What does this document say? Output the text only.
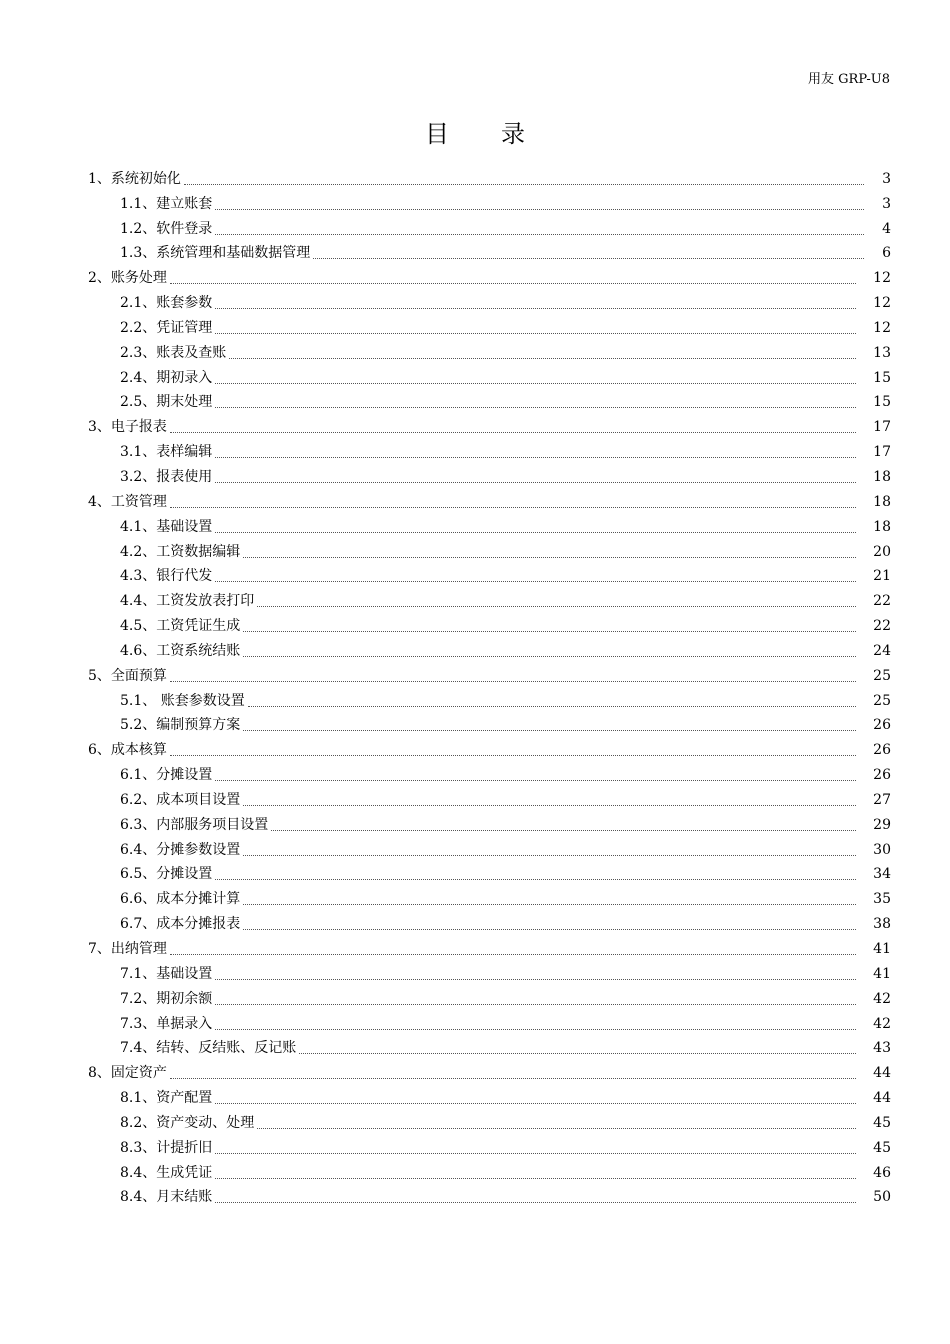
用友 GRP-U8
目 录
1、系统初始化	3
1.1、建立账套	3
1.2、软件登录	4
1.3、系统管理和基础数据管理	6
2、账务处理	12
2.1、账套参数	12
2.2、凭证管理	12
2.3、账表及查账	13
2.4、期初录入	15
2.5、期末处理	15
3、电子报表	17
3.1、表样编辑	17
3.2、报表使用	18
4、工资管理	18
4.1、基础设置	18
4.2、工资数据编辑	20
4.3、银行代发	21
4.4、工资发放表打印	22
4.5、工资凭证生成	22
4.6、工资系统结账	24
5、全面预算	25
5.1、 账套参数设置	25
5.2、编制预算方案	26
6、成本核算	26
6.1、分摊设置	26
6.2、成本项目设置	27
6.3、内部服务项目设置	29
6.4、分摊参数设置	30
6.5、分摊设置	34
6.6、成本分摊计算	35
6.7、成本分摊报表	38
7、出纳管理	41
7.1、基础设置	41
7.2、期初余额	42
7.3、单据录入	42
7.4、结转、反结账、反记账	43
8、固定资产	44
8.1、资产配置	44
8.2、资产变动、处理	45
8.3、计提折旧	45
8.4、生成凭证	46
8.4、月末结账	50
